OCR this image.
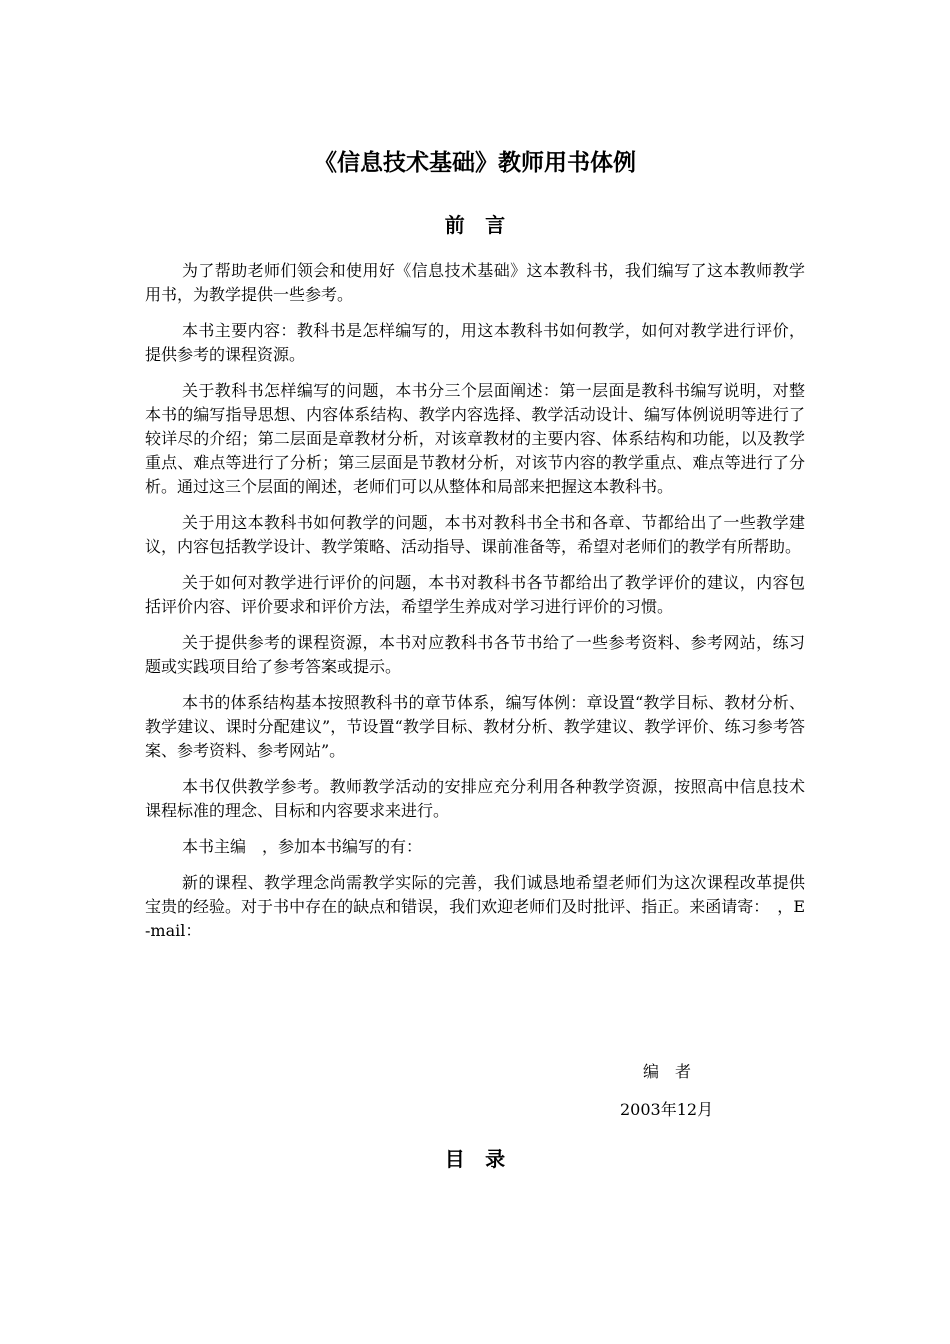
《信息技术基础》教师用书体例
前　言

为了帮助老师们领会和使用好《信息技术基础》这本教科书，我们编写了这本教师教学用书，为教学提供一些参考。

本书主要内容：教科书是怎样编写的，用这本教科书如何教学，如何对教学进行评价，提供参考的课程资源。

关于教科书怎样编写的问题，本书分三个层面阐述：第一层面是教科书编写说明，对整本书的编写指导思想、内容体系结构、教学内容选择、教学活动设计、编写体例说明等进行了较详尽的介绍；第二层面是章教材分析，对该章教材的主要内容、体系结构和功能，以及教学重点、难点等进行了分析；第三层面是节教材分析，对该节内容的教学重点、难点等进行了分析。通过这三个层面的阐述，老师们可以从整体和局部来把握这本教科书。

关于用这本教科书如何教学的问题，本书对教科书全书和各章、节都给出了一些教学建议，内容包括教学设计、教学策略、活动指导、课前准备等，希望对老师们的教学有所帮助。

关于如何对教学进行评价的问题，本书对教科书各节都给出了教学评价的建议，内容包括评价内容、评价要求和评价方法，希望学生养成对学习进行评价的习惯。

关于提供参考的课程资源，本书对应教科书各节书给了一些参考资料、参考网站，练习题或实践项目给了参考答案或提示。

本书的体系结构基本按照教科书的章节体系，编写体例：章设置“教学目标、教材分析、教学建议、课时分配建议”，节设置“教学目标、教材分析、教学建议、教学评价、练习参考答案、参考资料、参考网站”。

本书仅供教学参考。教师教学活动的安排应充分利用各种教学资源，按照高中信息技术课程标准的理念、目标和内容要求来进行。

本书主编　，参加本书编写的有：

新的课程、教学理念尚需教学实际的完善，我们诚恳地希望老师们为这次课程改革提供宝贵的经验。对于书中存在的缺点和错误，我们欢迎老师们及时批评、指正。来函请寄：　，E-mail：

编　者
2003年12月
目　录
